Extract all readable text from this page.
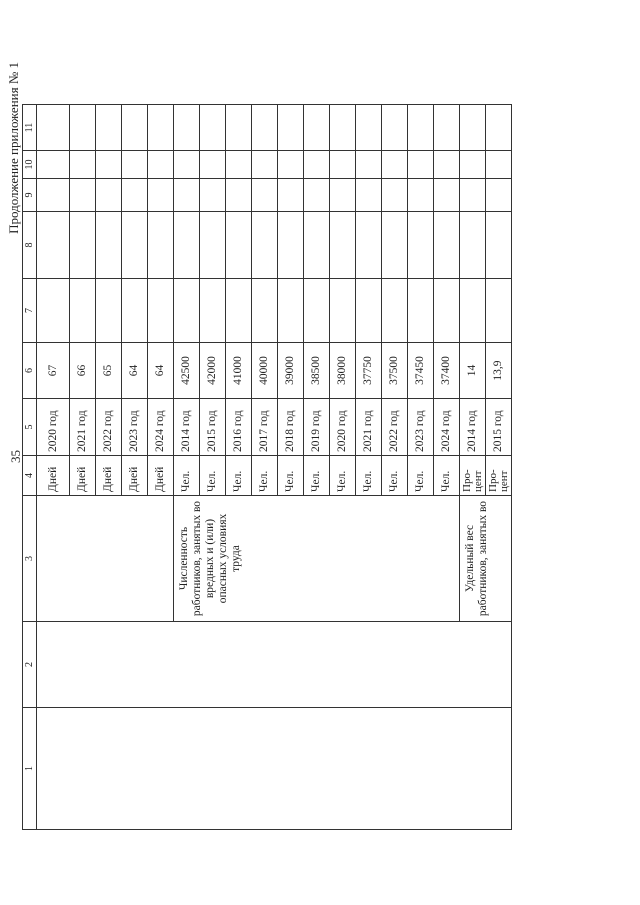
35
Продолжение приложения № 1
1	2	3	4	5	6	7	8	9	10	11
			Дней	2020 год	67					
			Дней	2021 год	66					
			Дней	2022 год	65					
			Дней	2023 год	64					
			Дней	2024 год	64					
		Численность работников, занятых во вредных и (или) опасных условиях труда	Чел.	2014 год	42500					
			Чел.	2015 год	42000					
			Чел.	2016 год	41000					
			Чел.	2017 год	40000					
			Чел.	2018 год	39000					
			Чел.	2019 год	38500					
			Чел.	2020 год	38000					
			Чел.	2021 год	37750					
			Чел.	2022 год	37500					
			Чел.	2023 год	37450					
			Чел.	2024 год	37400					
		Удельный вес работников, занятых во	Про- цент	2014 год	14					
			Про- цент	2015 год	13,9					
